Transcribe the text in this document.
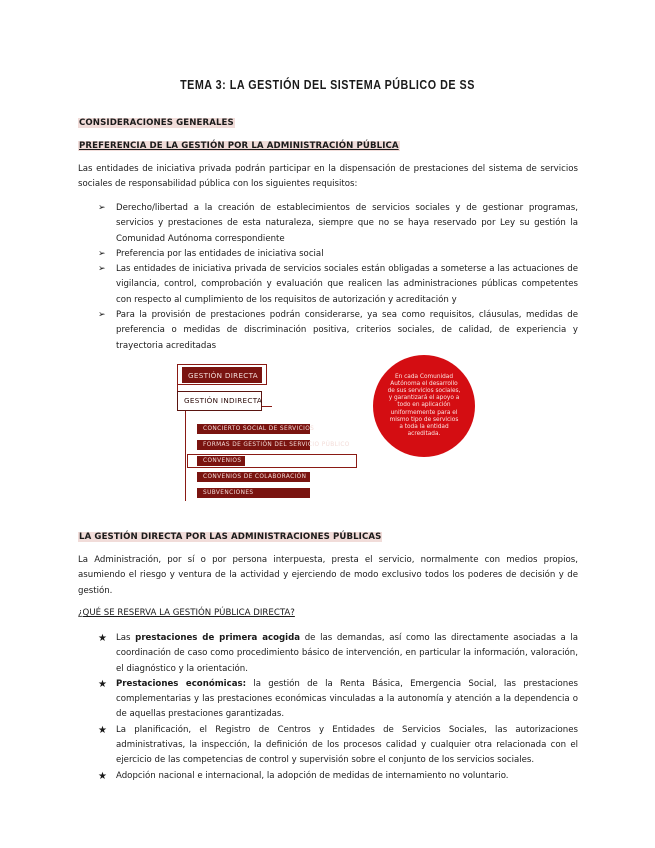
TEMA 3: LA GESTIÓN DEL SISTEMA PÚBLICO DE SS
CONSIDERACIONES GENERALES
PREFERENCIA DE LA GESTIÓN POR LA ADMINISTRACIÓN PÚBLICA
Las entidades de iniciativa privada podrán participar en la dispensación de prestaciones del sistema de servicios sociales de responsabilidad pública con los siguientes requisitos:
➢ Derecho/libertad a la creación de establecimientos de servicios sociales y de gestionar programas, servicios y prestaciones de esta naturaleza, siempre que no se haya reservado por Ley su gestión la Comunidad Autónoma correspondiente
➢ Preferencia por las entidades de iniciativa social
➢ Las entidades de iniciativa privada de servicios sociales están obligadas a someterse a las actuaciones de vigilancia, control, comprobación y evaluación que realicen las administraciones públicas competentes con respecto al cumplimiento de los requisitos de autorización y acreditación y
➢ Para la provisión de prestaciones podrán considerarse, ya sea como requisitos, cláusulas, medidas de preferencia o medidas de discriminación positiva, criterios sociales, de calidad, de experiencia y trayectoria acreditadas
GESTIÓN DIRECTA
GESTIÓN INDIRECTA
CONCIERTO SOCIAL DE SERVICIOS
FORMAS DE GESTIÓN DEL SERVICIO PÚBLICO
CONVENIOS
CONVENIOS DE COLABORACIÓN
SUBVENCIONES
En cada Comunidad Autónoma el desarrollo de sus servicios sociales, y garantizará el apoyo a todo en aplicación uniformemente para el mismo tipo de servicios a toda la entidad acreditada.
LA GESTIÓN DIRECTA POR LAS ADMINISTRACIONES PÚBLICAS
La Administración, por sí o por persona interpuesta, presta el servicio, normalmente con medios propios, asumiendo el riesgo y ventura de la actividad y ejerciendo de modo exclusivo todos los poderes de decisión y de gestión.
¿QUÉ SE RESERVA LA GESTIÓN PÚBLICA DIRECTA?
★ Las prestaciones de primera acogida de las demandas, así como las directamente asociadas a la coordinación de caso como procedimiento básico de intervención, en particular la información, valoración, el diagnóstico y la orientación.
★ Prestaciones económicas: la gestión de la Renta Básica, Emergencia Social, las prestaciones complementarias y las prestaciones económicas vinculadas a la autonomía y atención a la dependencia o de aquellas prestaciones garantizadas.
★ La planificación, el Registro de Centros y Entidades de Servicios Sociales, las autorizaciones administrativas, la inspección, la definición de los procesos calidad y cualquier otra relacionada con el ejercicio de las competencias de control y supervisión sobre el conjunto de los servicios sociales.
★ Adopción nacional e internacional, la adopción de medidas de internamiento no voluntario.
